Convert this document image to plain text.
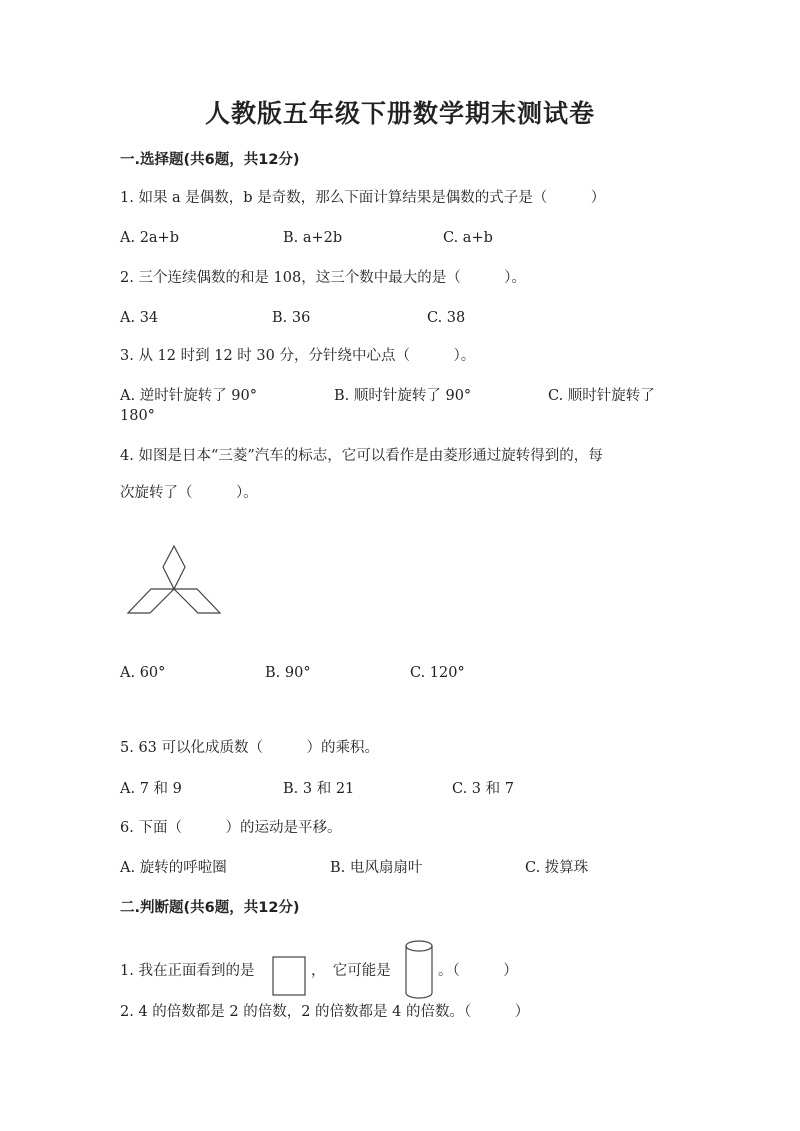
人教版五年级下册数学期末测试卷
一.选择题(共6题，共12分)
1. 如果 a 是偶数，b 是奇数，那么下面计算结果是偶数的式子是（　　　）
A. 2a+b	B. a+2b	C. a+b
2. 三个连续偶数的和是 108，这三个数中最大的是（　　　）。
A. 34	B. 36	C. 38
3. 从 12 时到 12 时 30 分，分针绕中心点（　　　）。
A. 逆时针旋转了 90°	B. 顺时针旋转了 90°	C. 顺时针旋转了
180°
4. 如图是日本“三菱”汽车的标志，它可以看作是由菱形通过旋转得到的，每
次旋转了（　　　）。
A. 60°	B. 90°	C. 120°
5. 63 可以化成质数（　　　）的乘积。
A. 7 和 9	B. 3 和 21	C. 3 和 7
6. 下面（　　　）的运动是平移。
A. 旋转的呼啦圈	B. 电风扇扇叶	C. 拨算珠
二.判断题(共6题，共12分)
1. 我在正面看到的是	，　它可能是	。（　　　）
2. 4 的倍数都是 2 的倍数，2 的倍数都是 4 的倍数。（　　　）
